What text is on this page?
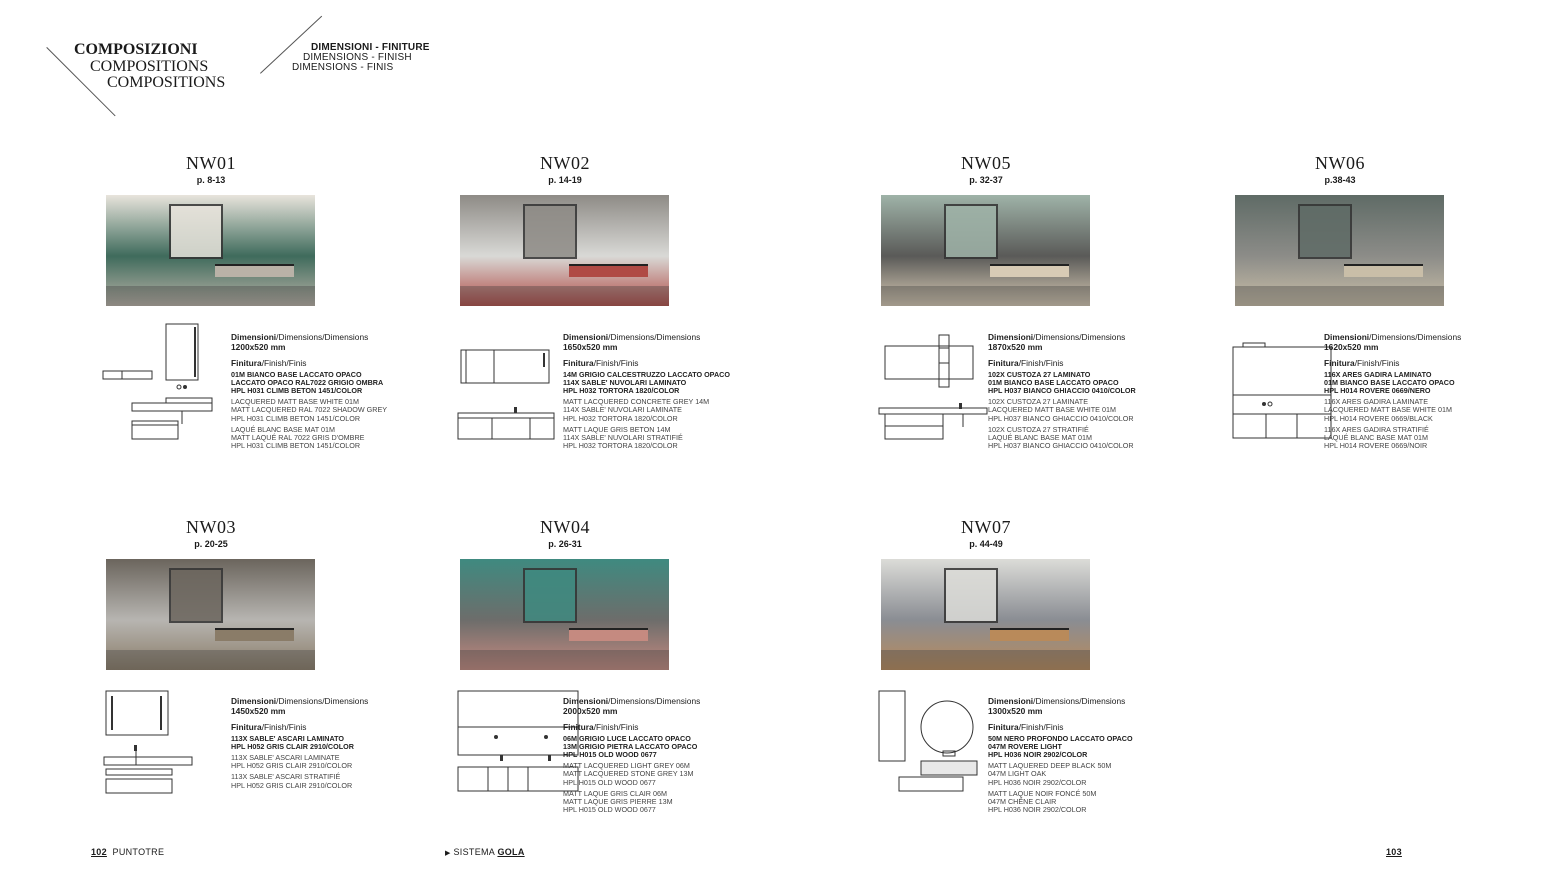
COMPOSIZIONI
COMPOSITIONS
COMPOSITIONS
DIMENSIONI - FINITURE
DIMENSIONS - FINISH
DIMENSIONS - FINIS
NW01
p. 8-13
Dimensioni/Dimensions/Dimensions
1200x520 mm
Finitura/Finish/Finis
01M BIANCO BASE LACCATO OPACO
LACCATO OPACO RAL7022 GRIGIO OMBRA
HPL H031 CLIMB BETON 1451/COLOR
LACQUERED MATT BASE WHITE 01M
MATT LACQUERED RAL 7022 SHADOW GREY
HPL H031 CLIMB BETON 1451/COLOR
LAQUÉ BLANC BASE MAT 01M
MATT LAQUÉ RAL 7022 GRIS D'OMBRE
HPL H031 CLIMB BETON 1451/COLOR
NW02
p. 14-19
Dimensioni/Dimensions/Dimensions
1650x520 mm
Finitura/Finish/Finis
14M GRIGIO CALCESTRUZZO LACCATO OPACO
114X SABLE' NUVOLARI LAMINATO
HPL H032 TORTORA 1820/COLOR
MATT LACQUERED CONCRETE GREY 14M
114X SABLE' NUVOLARI LAMINATE
HPL H032 TORTORA 1820/COLOR
MATT LAQUE GRIS BETON 14M
114X SABLE' NUVOLARI STRATIFIÉ
HPL H032 TORTORA 1820/COLOR
NW05
p. 32-37
Dimensioni/Dimensions/Dimensions
1870x520 mm
Finitura/Finish/Finis
102X CUSTOZA 27 LAMINATO
01M BIANCO BASE LACCATO OPACO
HPL H037 BIANCO GHIACCIO 0410/COLOR
102X CUSTOZA 27 LAMINATE
LACQUERED MATT BASE WHITE 01M
HPL H037 BIANCO GHIACCIO 0410/COLOR
102X CUSTOZA 27 STRATIFIÉ
LAQUÉ BLANC BASE MAT 01M
HPL H037 BIANCO GHIACCIO 0410/COLOR
NW06
p.38-43
Dimensioni/Dimensions/Dimensions
1620x520 mm
Finitura/Finish/Finis
116X ARES GADIRA LAMINATO
01M BIANCO BASE LACCATO OPACO
HPL H014 ROVERE 0669/NERO
116X ARES GADIRA LAMINATE
LACQUERED MATT BASE WHITE 01M
HPL H014 ROVERE 0669/BLACK
116X ARES GADIRA STRATIFIÉ
LAQUÉ BLANC BASE MAT 01M
HPL H014 ROVERE 0669/NOIR
NW03
p. 20-25
Dimensioni/Dimensions/Dimensions
1450x520 mm
Finitura/Finish/Finis
113X SABLE' ASCARI LAMINATO
HPL H052 GRIS CLAIR 2910/COLOR
113X SABLE' ASCARI LAMINATE
HPL H052 GRIS CLAIR 2910/COLOR
113X SABLE' ASCARI STRATIFIÉ
HPL H052 GRIS CLAIR 2910/COLOR
NW04
p. 26-31
Dimensioni/Dimensions/Dimensions
2000x520 mm
Finitura/Finish/Finis
06M GRIGIO LUCE LACCATO OPACO
13M GRIGIO PIETRA LACCATO OPACO
HPL H015 OLD WOOD 0677
MATT LACQUERED LIGHT GREY 06M
MATT LACQUERED STONE GREY 13M
HPL H015 OLD WOOD 0677
MATT LAQUE GRIS CLAIR 06M
MATT LAQUE GRIS PIERRE 13M
HPL H015 OLD WOOD 0677
NW07
p. 44-49
Dimensioni/Dimensions/Dimensions
1300x520 mm
Finitura/Finish/Finis
50M NERO PROFONDO LACCATO OPACO
047M ROVERE LIGHT
HPL H036 NOIR 2902/COLOR
MATT LAQUERED DEEP BLACK 50M
047M LIGHT OAK
HPL H036 NOIR 2902/COLOR
MATT LAQUE NOIR FONCÉ 50M
047M CHÊNE CLAIR
HPL H036 NOIR 2902/COLOR
102 PUNTOTRE	▶ SISTEMA GOLA	103
